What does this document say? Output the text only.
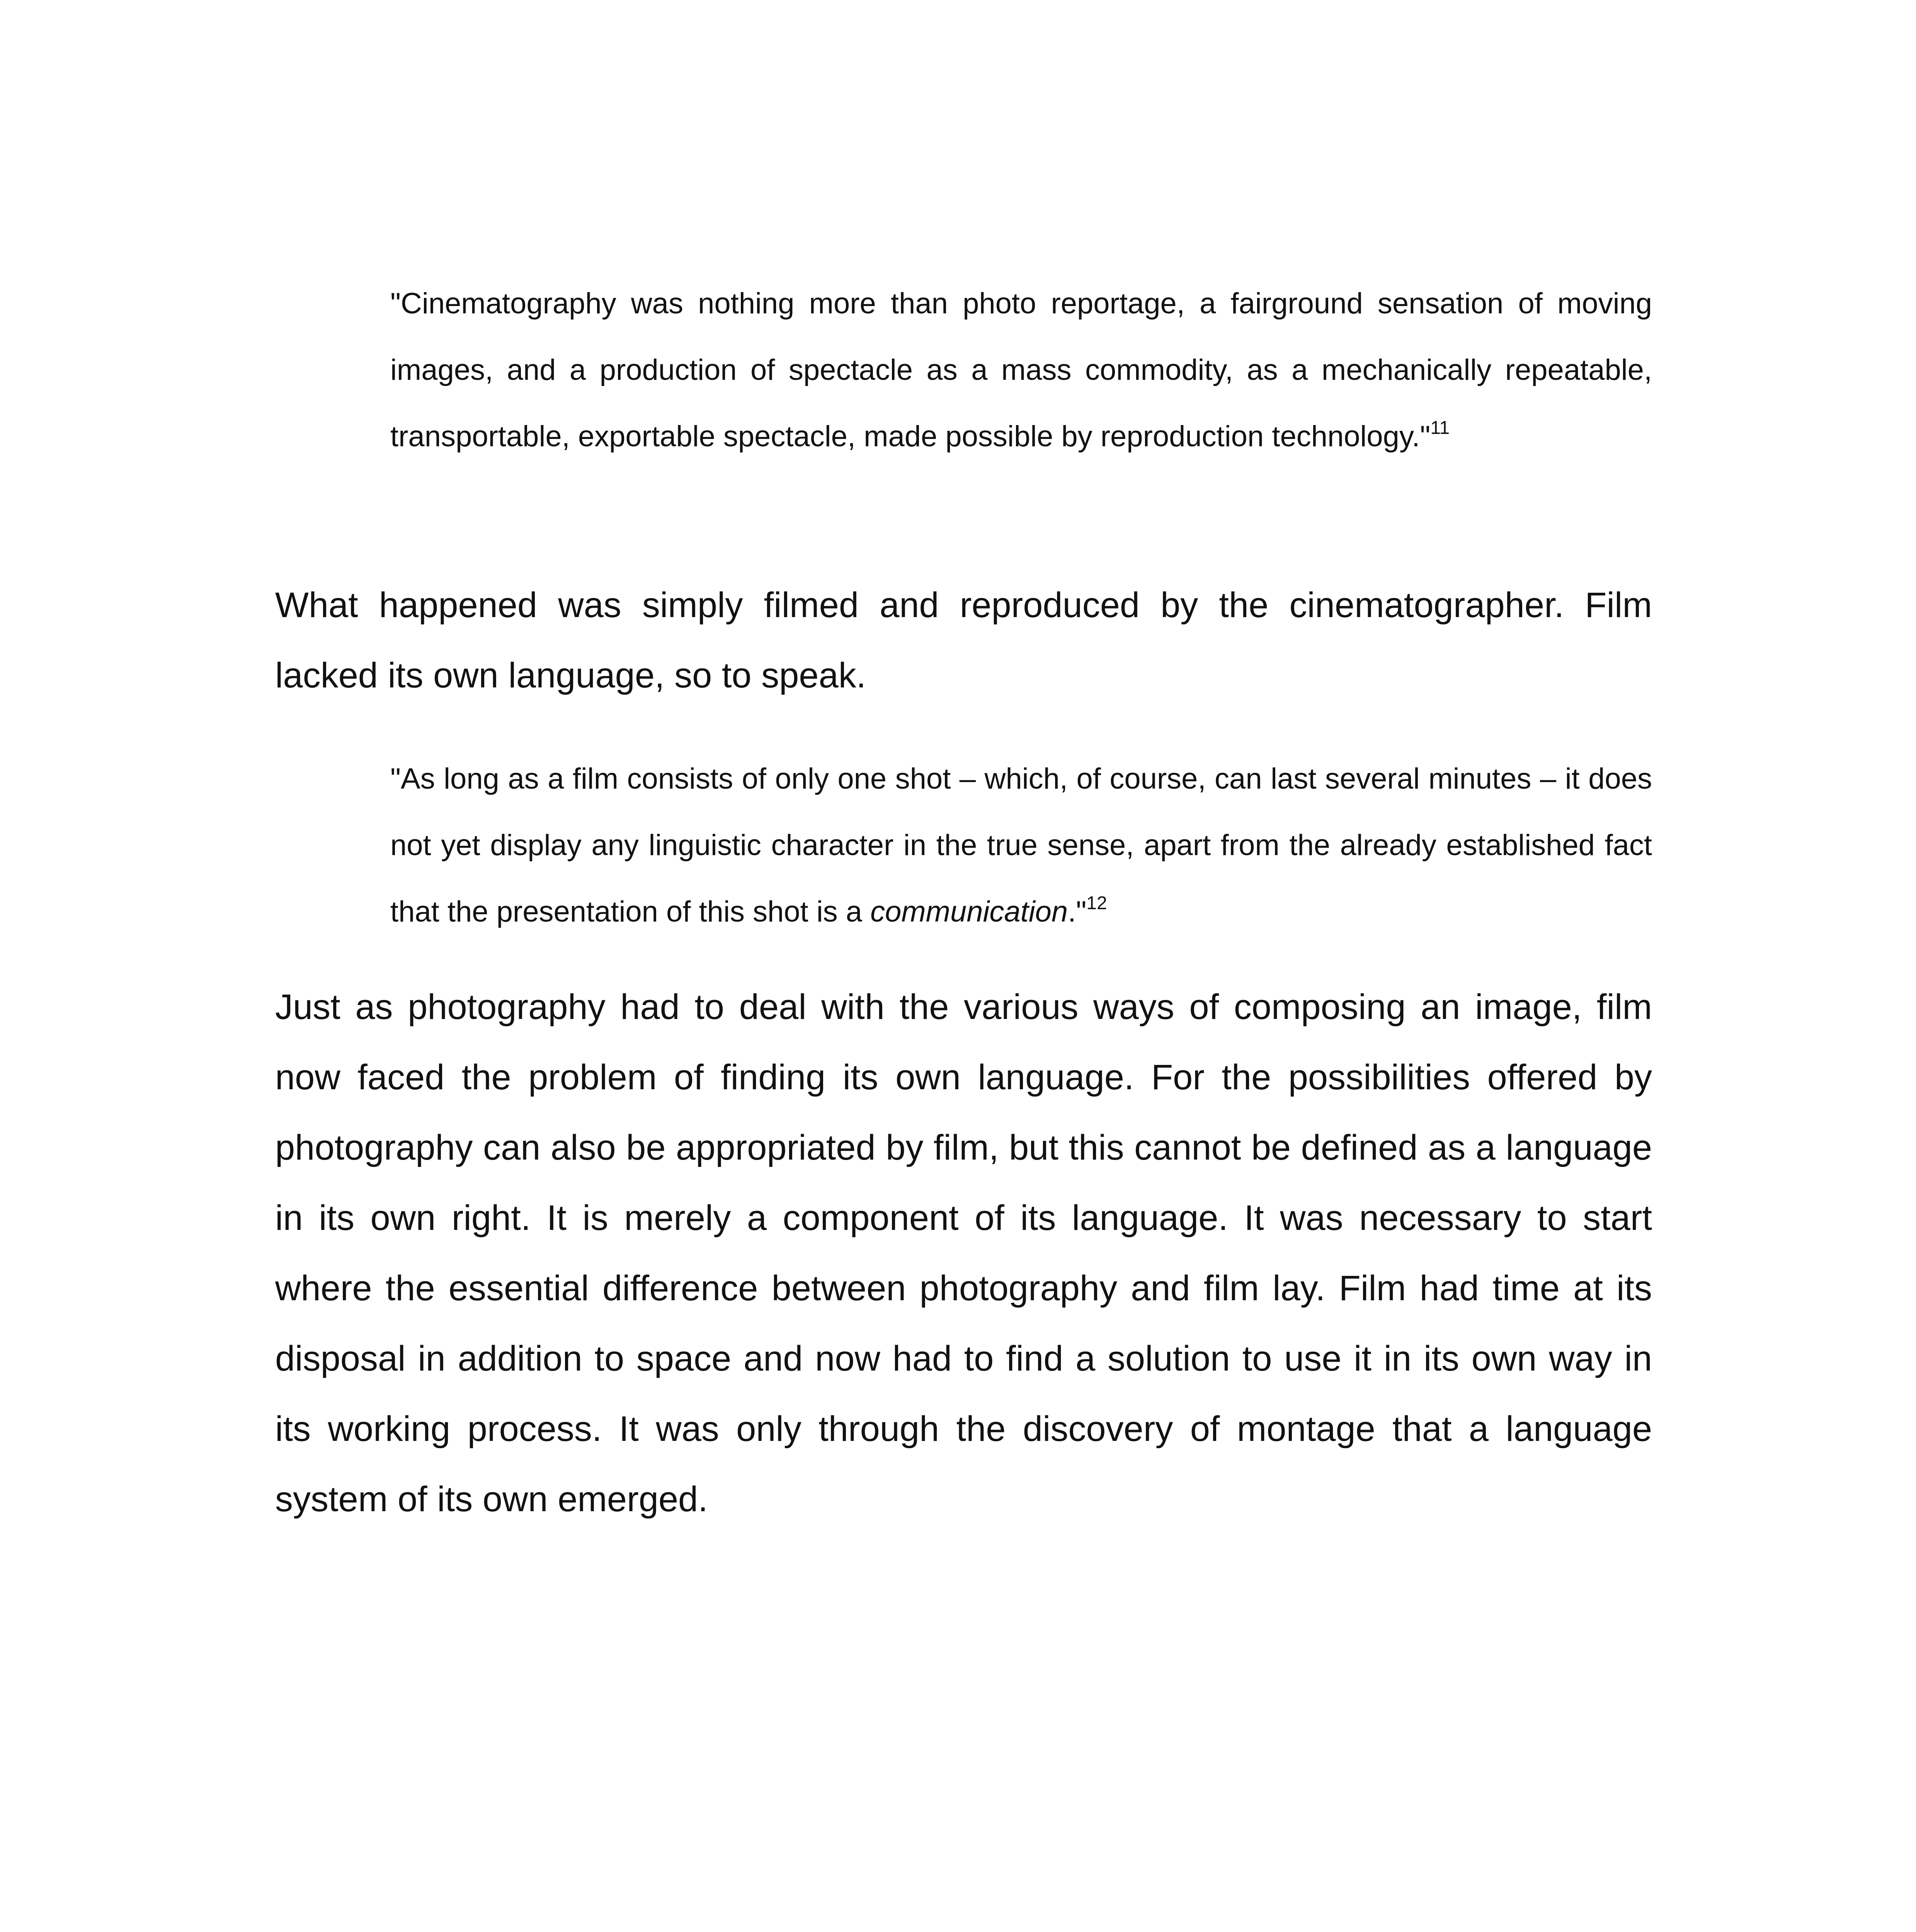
"Cinematography was nothing more than photo reportage, a fairground sensation of moving images, and a production of spectacle as a mass commodity, as a mechanically repeatable, transportable, exportable spectacle, made possible by reproduction technology."$^{11}$

What happened was simply filmed and reproduced by the cinematographer. Film lacked its own language, so to speak.

"As long as a film consists of only one shot – which, of course, can last several minutes – it does not yet display any linguistic character in the true sense, apart from the already established fact that the presentation of this shot is a communication."$^{12}$

Just as photography had to deal with the various ways of composing an image, film now faced the problem of finding its own language. For the possibilities offered by photography can also be appropriated by film, but this cannot be defined as a language in its own right. It is merely a component of its language. It was necessary to start where the essential difference between photography and film lay. Film had time at its disposal in addition to space and now had to find a solution to use it in its own way in its working process. It was only through the discovery of montage that a language system of its own emerged.
